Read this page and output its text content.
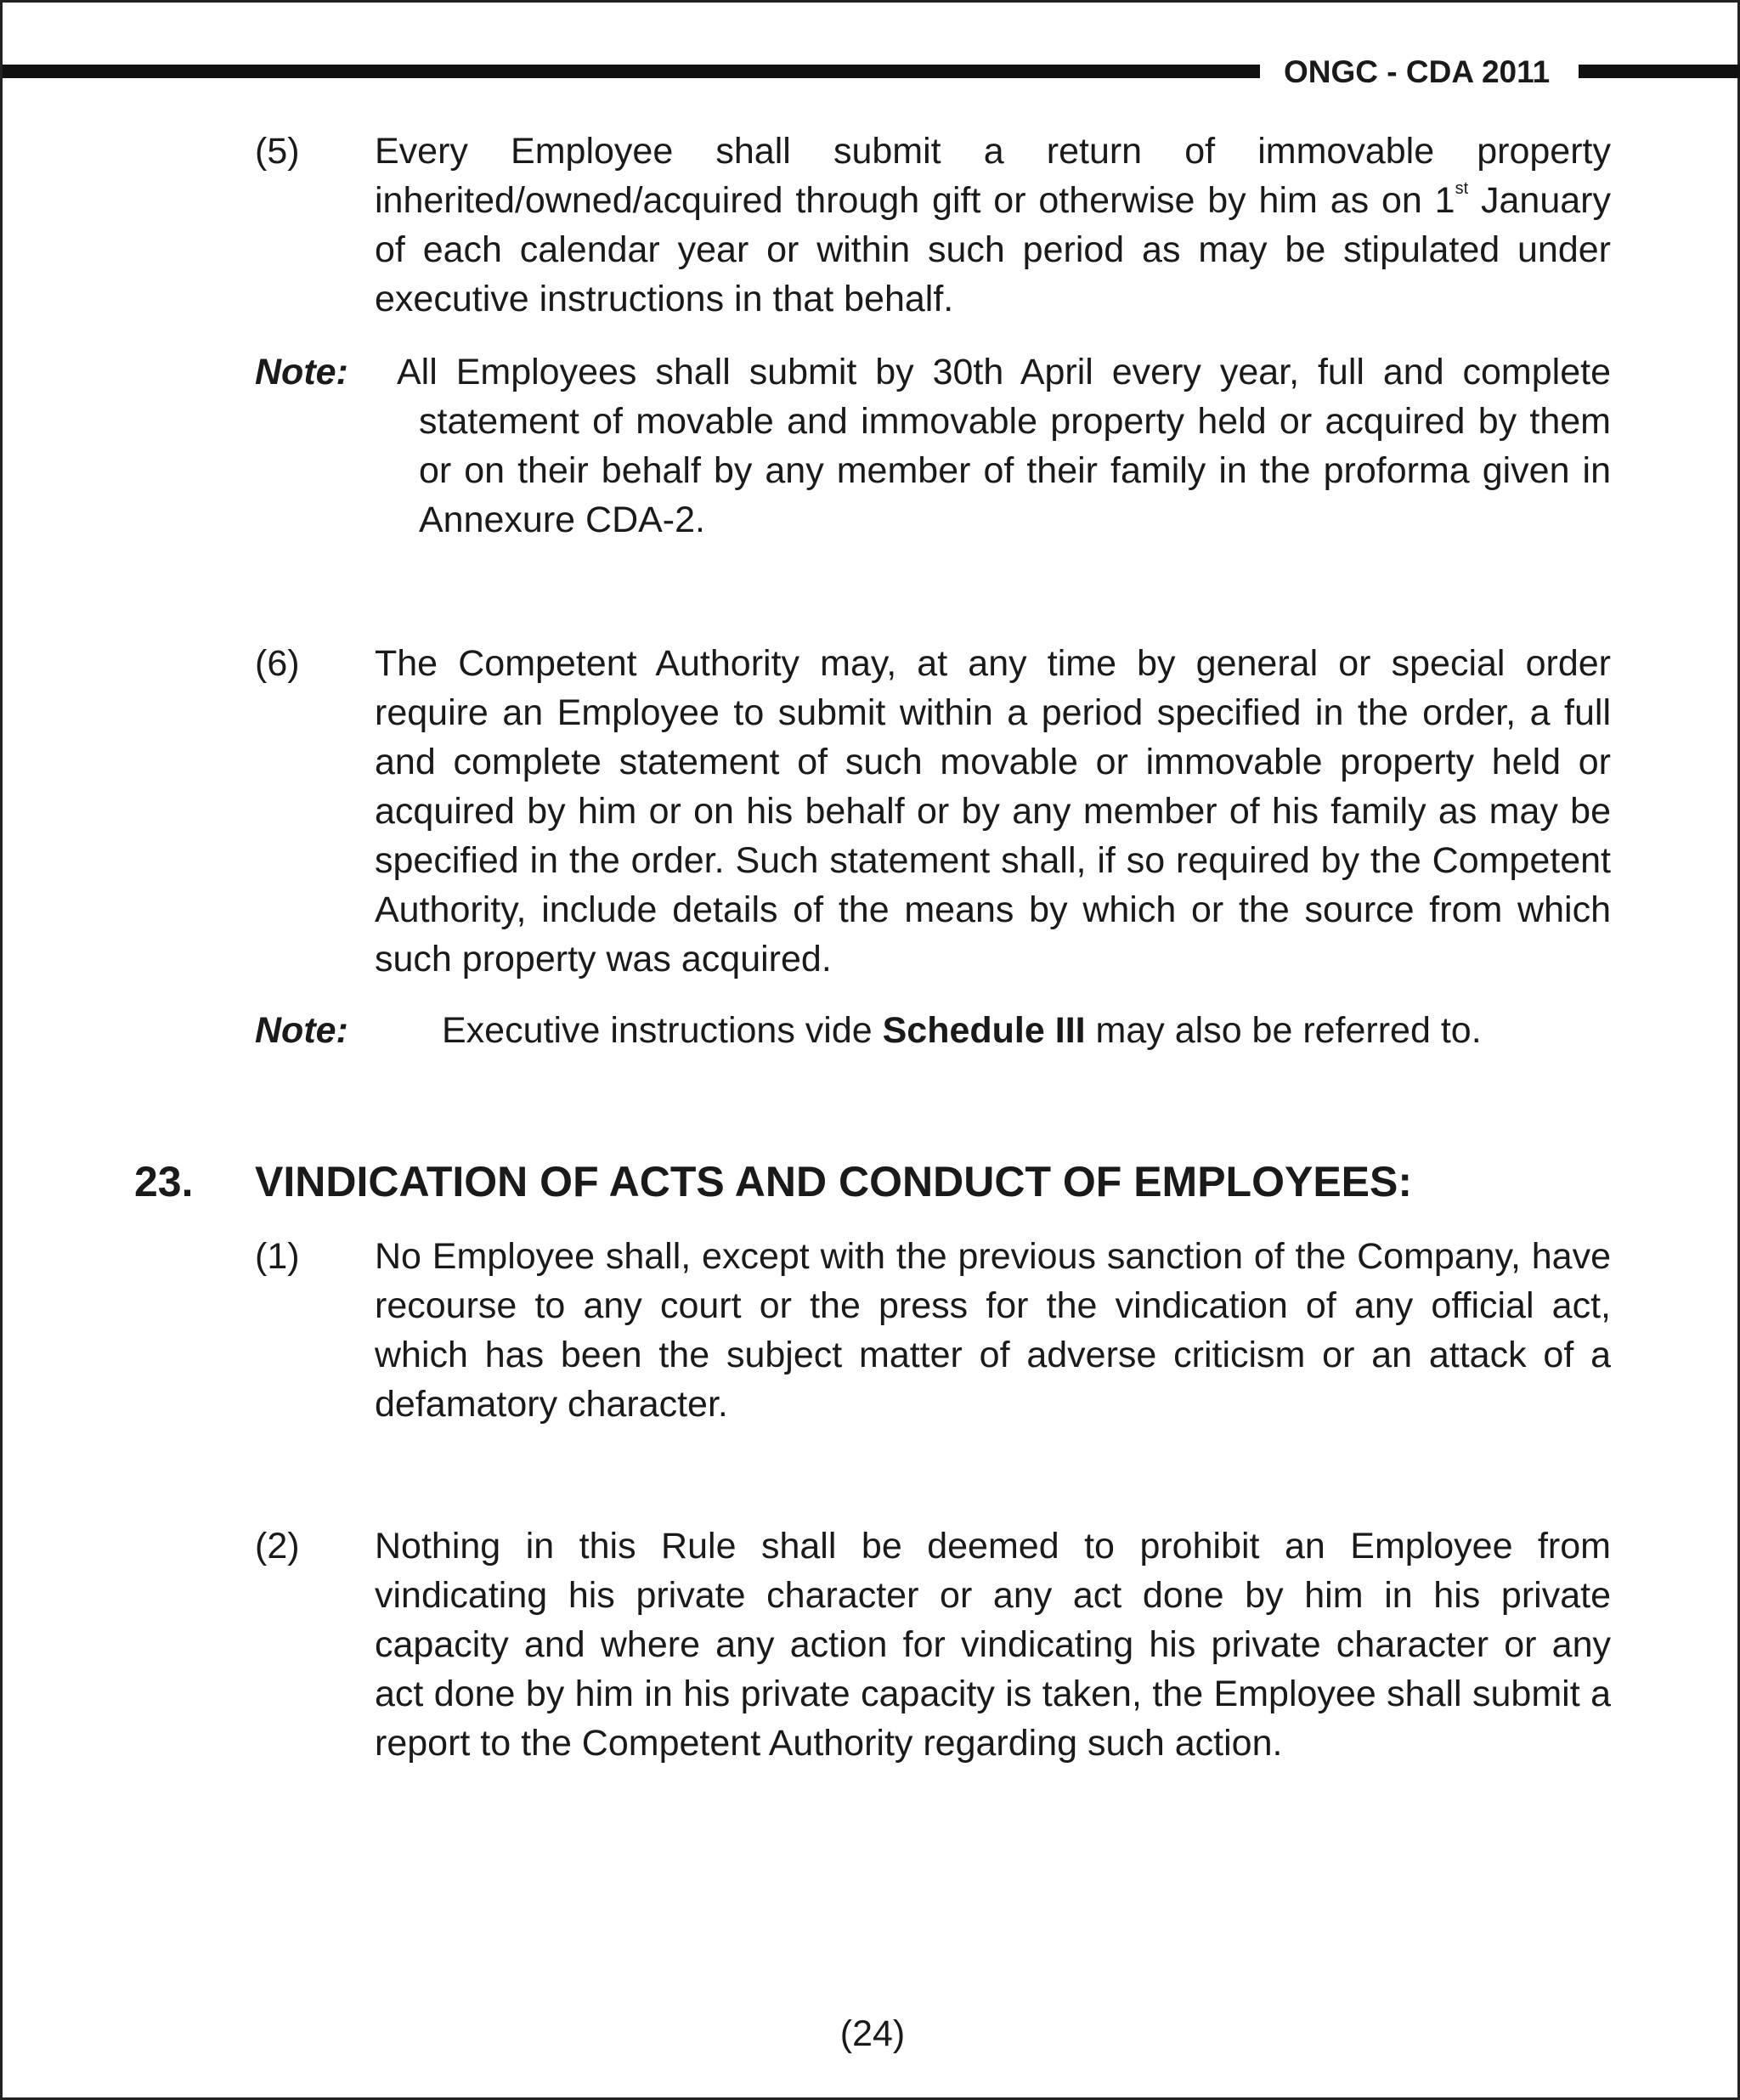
ONGC - CDA 2011
(5) Every Employee shall submit a return of immovable property inherited/owned/acquired through gift or otherwise by him as on 1st January of each calendar year or within such period as may be stipulated under executive instructions in that behalf.

Note:	All Employees shall submit by 30th April every year, full and complete statement of movable and immovable property held or acquired by them or on their behalf by any member of their family in the proforma given in Annexure CDA-2.

(6) The Competent Authority may, at any time by general or special order require an Employee to submit within a period specified in the order, a full and complete statement of such movable or immovable property held or acquired by him or on his behalf or by any member of his family as may be specified in the order. Such statement shall, if so required by the Competent Authority, include details of the means by which or the source from which such property was acquired.

Note:	Executive instructions vide Schedule III may also be referred to.
23. VINDICATION OF ACTS AND CONDUCT OF EMPLOYEES:
(1) No Employee shall, except with the previous sanction of the Company, have recourse to any court or the press for the vindication of any official act, which has been the subject matter of adverse criticism or an attack of a defamatory character.

(2) Nothing in this Rule shall be deemed to prohibit an Employee from vindicating his private character or any act done by him in his private capacity and where any action for vindicating his private character or any act done by him in his private capacity is taken, the Employee shall submit a report to the Competent Authority regarding such action.

(24)
